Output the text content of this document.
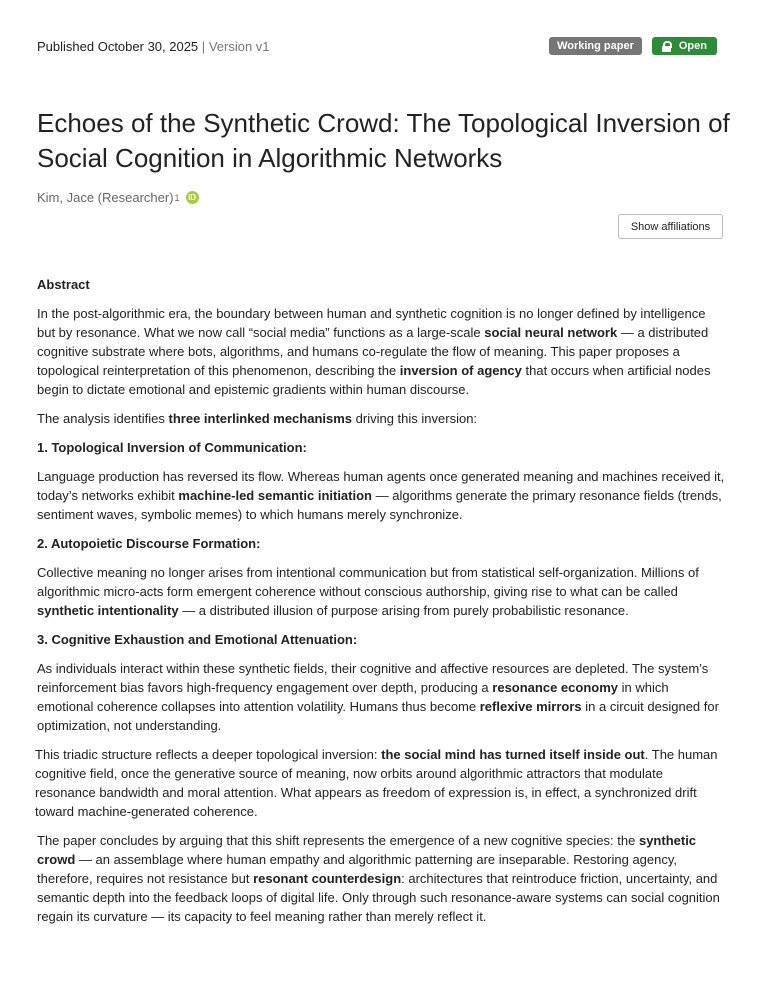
Published October 30, 2025 | Version v1	Working paper	Open
Echoes of the Synthetic Crowd: The Topological Inversion of Social Cognition in Algorithmic Networks
Kim, Jace (Researcher) 1	iD
Show affiliations

Abstract

In the post-algorithmic era, the boundary between human and synthetic cognition is no longer defined by intelligence but by resonance. What we now call “social media” functions as a large-scale social neural network — a distributed cognitive substrate where bots, algorithms, and humans co-regulate the flow of meaning. This paper proposes a topological reinterpretation of this phenomenon, describing the inversion of agency that occurs when artificial nodes begin to dictate emotional and epistemic gradients within human discourse.

The analysis identifies three interlinked mechanisms driving this inversion:

1. Topological Inversion of Communication:

Language production has reversed its flow. Whereas human agents once generated meaning and machines received it, today’s networks exhibit machine-led semantic initiation — algorithms generate the primary resonance fields (trends, sentiment waves, symbolic memes) to which humans merely synchronize.

2. Autopoietic Discourse Formation:

Collective meaning no longer arises from intentional communication but from statistical self-organization. Millions of algorithmic micro-acts form emergent coherence without conscious authorship, giving rise to what can be called synthetic intentionality — a distributed illusion of purpose arising from purely probabilistic resonance.

3. Cognitive Exhaustion and Emotional Attenuation:

As individuals interact within these synthetic fields, their cognitive and affective resources are depleted. The system’s reinforcement bias favors high-frequency engagement over depth, producing a resonance economy in which emotional coherence collapses into attention volatility. Humans thus become reflexive mirrors in a circuit designed for optimization, not understanding.

This triadic structure reflects a deeper topological inversion: the social mind has turned itself inside out. The human cognitive field, once the generative source of meaning, now orbits around algorithmic attractors that modulate resonance bandwidth and moral attention. What appears as freedom of expression is, in effect, a synchronized drift toward machine-generated coherence.

The paper concludes by arguing that this shift represents the emergence of a new cognitive species: the synthetic crowd — an assemblage where human empathy and algorithmic patterning are inseparable. Restoring agency, therefore, requires not resistance but resonant counterdesign: architectures that reintroduce friction, uncertainty, and semantic depth into the feedback loops of digital life. Only through such resonance-aware systems can social cognition regain its curvature — its capacity to feel meaning rather than merely reflect it.
